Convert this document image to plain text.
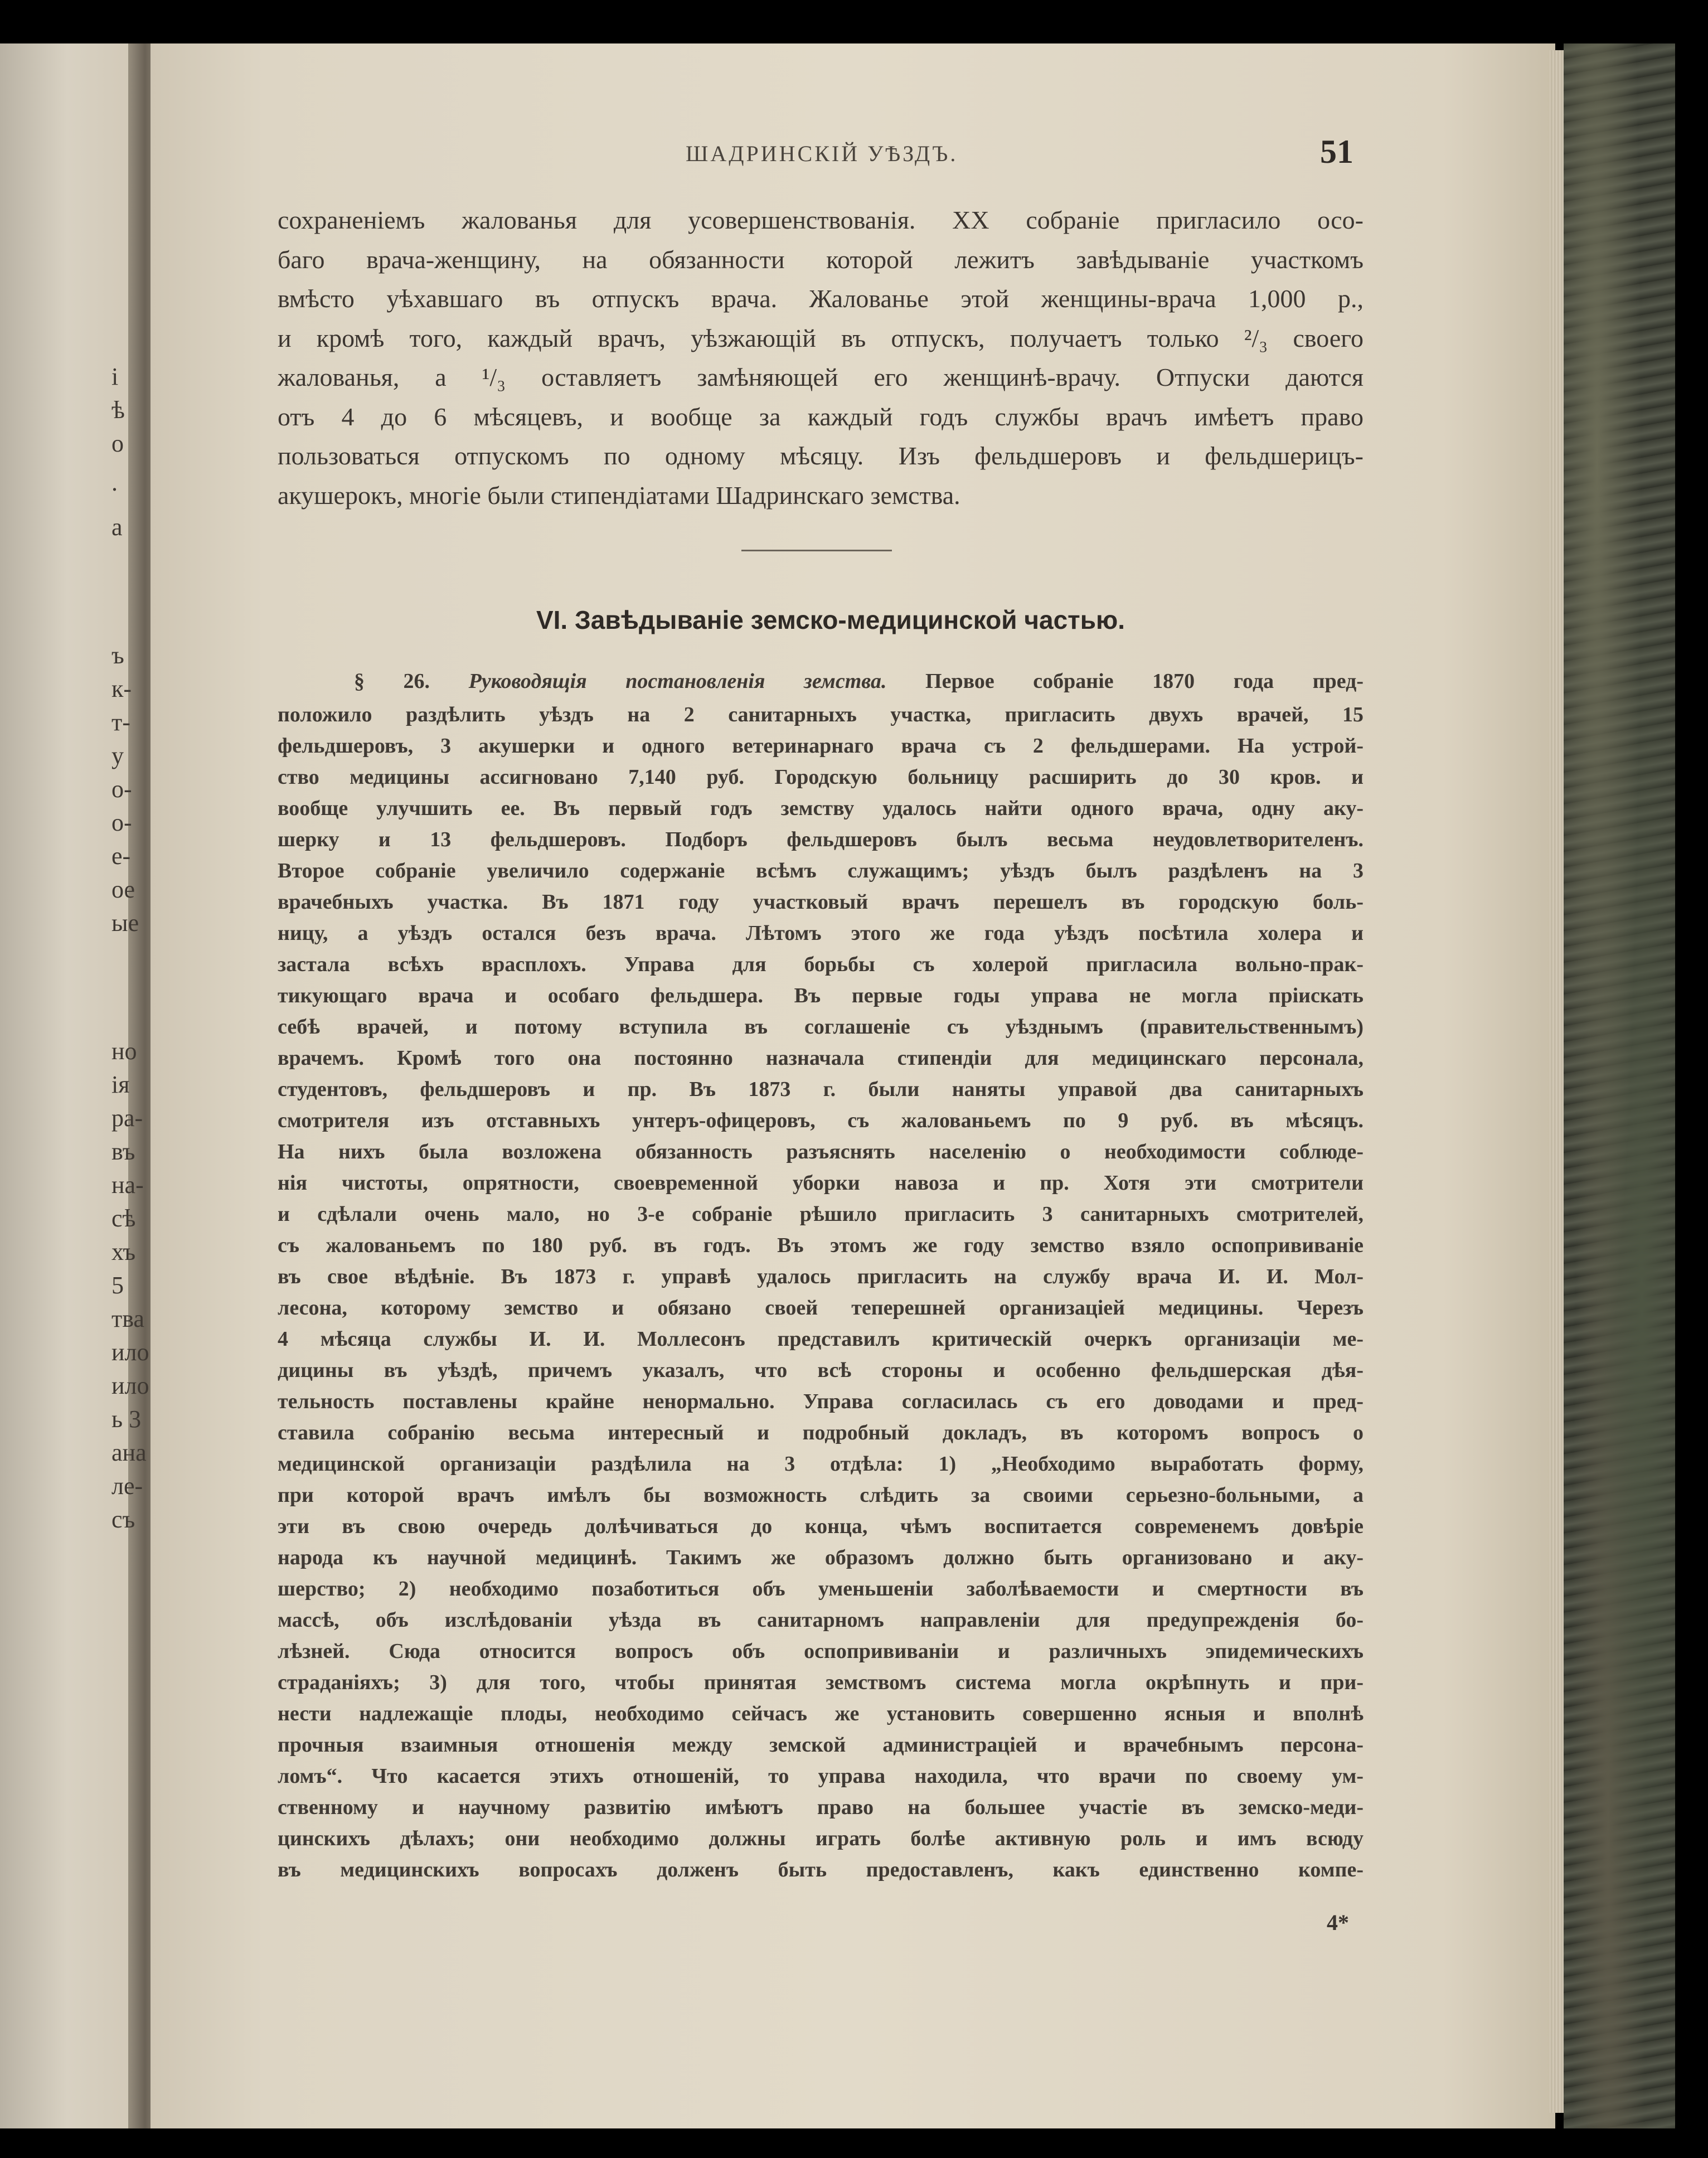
і
ѣ
о
.
а
ъ
к-
т-
у
о-
о-
е-
ое
ые
но
ія
ра-
въ
на-
сѣ
хъ
5
тва
ило
ило
ь 3
ана
ле-
съ
ШАДРИНСКІЙ УѢЗДЪ.	51
сохраненіемъ жалованья для усовершенствованія. XX собраніе пригласило осо-
баго врача-женщину, на обязанности которой лежитъ завѣдываніе участкомъ
вмѣсто уѣхавшаго въ отпускъ врача. Жалованье этой женщины-врача 1,000 р.,
и кромѣ того, каждый врачъ, уѣзжающій въ отпускъ, получаетъ только ²/₃ своего
жалованья, а ¹/₃ оставляетъ замѣняющей его женщинѣ-врачу. Отпуски даются
отъ 4 до 6 мѣсяцевъ, и вообще за каждый годъ службы врачъ имѣетъ право
пользоваться отпускомъ по одному мѣсяцу. Изъ фельдшеровъ и фельдшерицъ-
акушерокъ, многіе были стипендіатами Шадринскаго земства.
VI. Завѣдываніе земско-медицинской частью.
§ 26. Руководящія постановленія земства. Первое собраніе 1870 года пред-
положило раздѣлить уѣздъ на 2 санитарныхъ участка, пригласить двухъ врачей, 15
фельдшеровъ, 3 акушерки и одного ветеринарнаго врача съ 2 фельдшерами. На устрой-
ство медицины ассигновано 7,140 руб. Городскую больницу расширить до 30 кров. и
вообще улучшить ее. Въ первый годъ земству удалось найти одного врача, одну аку-
шерку и 13 фельдшеровъ. Подборъ фельдшеровъ былъ весьма неудовлетворителенъ.
Второе собраніе увеличило содержаніе всѣмъ служащимъ; уѣздъ былъ раздѣленъ на 3
врачебныхъ участка. Въ 1871 году участковый врачъ перешелъ въ городскую боль-
ницу, а уѣздъ остался безъ врача. Лѣтомъ этого же года уѣздъ посѣтила холера и
застала всѣхъ врасплохъ. Управа для борьбы съ холерой пригласила вольно-прак-
тикующаго врача и особаго фельдшера. Въ первые годы управа не могла пріискать
себѣ врачей, и потому вступила въ соглашеніе съ уѣзднымъ (правительственнымъ)
врачемъ. Кромѣ того она постоянно назначала стипендіи для медицинскаго персонала,
студентовъ, фельдшеровъ и пр. Въ 1873 г. были наняты управой два санитарныхъ
смотрителя изъ отставныхъ унтеръ-офицеровъ, съ жалованьемъ по 9 руб. въ мѣсяцъ.
На нихъ была возложена обязанность разъяснять населенію о необходимости соблюде-
нія чистоты, опрятности, своевременной уборки навоза и пр. Хотя эти смотрители
и сдѣлали очень мало, но 3-е собраніе рѣшило пригласить 3 санитарныхъ смотрителей,
съ жалованьемъ по 180 руб. въ годъ. Въ этомъ же году земство взяло оспопрививаніе
въ свое вѣдѣніе. Въ 1873 г. управѣ удалось пригласить на службу врача И. И. Мол-
лесона, которому земство и обязано своей теперешней организаціей медицины. Черезъ
4 мѣсяца службы И. И. Моллесонъ представилъ критическій очеркъ организаціи ме-
дицины въ уѣздѣ, причемъ указалъ, что всѣ стороны и особенно фельдшерская дѣя-
тельность поставлены крайне ненормально. Управа согласилась съ его доводами и пред-
ставила собранію весьма интересный и подробный докладъ, въ которомъ вопросъ о
медицинской организаціи раздѣлила на 3 отдѣла: 1) „Необходимо выработать форму,
при которой врачъ имѣлъ бы возможность слѣдить за своими серьезно-больными, а
эти въ свою очередь долѣчиваться до конца, чѣмъ воспитается современемъ довѣріе
народа къ научной медицинѣ. Такимъ же образомъ должно быть организовано и аку-
шерство; 2) необходимо позаботиться объ уменьшеніи заболѣваемости и смертности въ
массѣ, объ изслѣдованіи уѣзда въ санитарномъ направленіи для предупрежденія бо-
лѣзней. Сюда относится вопросъ объ оспопрививаніи и различныхъ эпидемическихъ
страданіяхъ; 3) для того, чтобы принятая земствомъ система могла окрѣпнуть и при-
нести надлежащіе плоды, необходимо сейчасъ же установить совершенно ясныя и вполнѣ
прочныя взаимныя отношенія между земской администраціей и врачебнымъ персона-
ломъ“. Что касается этихъ отношеній, то управа находила, что врачи по своему ум-
ственному и научному развитію имѣютъ право на большее участіе въ земско-меди-
цинскихъ дѣлахъ; они необходимо должны играть болѣе активную роль и имъ всюду
въ медицинскихъ вопросахъ долженъ быть предоставленъ, какъ единственно компе-
4*
